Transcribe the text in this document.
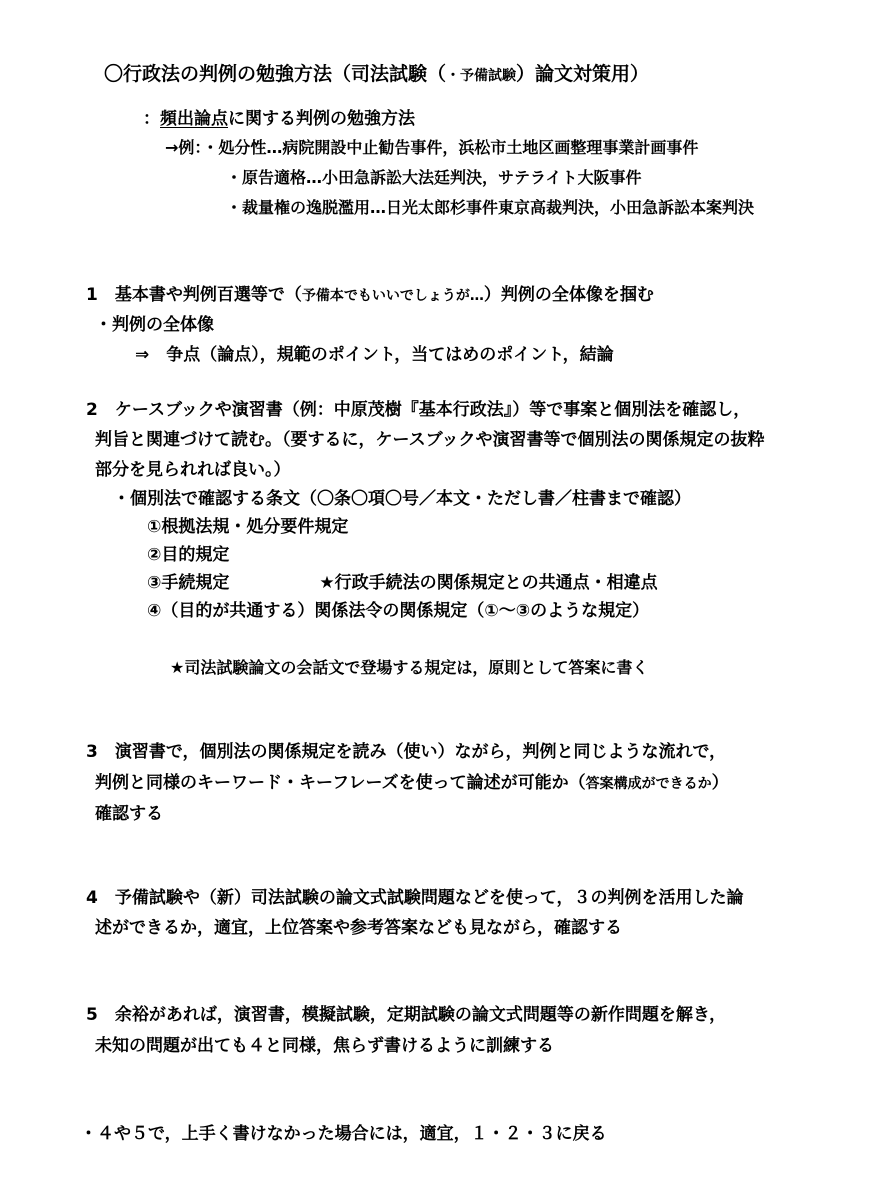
〇行政法の判例の勉強方法（司法試験（・予備試験）論文対策用）
：頻出論点に関する判例の勉強方法
→例：・処分性…病院開設中止勧告事件，浜松市土地区画整理事業計画事件
・原告適格…小田急訴訟大法廷判決，サテライト大阪事件
・裁量権の逸脱濫用…日光太郎杉事件東京高裁判決，小田急訴訟本案判決
1　基本書や判例百選等で（予備本でもいいでしょうが…）判例の全体像を掴む
・判例の全体像
⇒　争点（論点），規範のポイント，当てはめのポイント，結論
2　ケースブックや演習書（例：中原茂樹『基本行政法』）等で事案と個別法を確認し，
判旨と関連づけて読む。（要するに，ケースブックや演習書等で個別法の関係規定の抜粋
部分を見られれば良い。）
・個別法で確認する条文（〇条〇項〇号／本文・ただし書／柱書まで確認）
①根拠法規・処分要件規定
②目的規定
③手続規定	★行政手続法の関係規定との共通点・相違点
④（目的が共通する）関係法令の関係規定（①～③のような規定）
★司法試験論文の会話文で登場する規定は，原則として答案に書く
3　演習書で，個別法の関係規定を読み（使い）ながら，判例と同じような流れで，
判例と同様のキーワード・キーフレーズを使って論述が可能か（答案構成ができるか）
確認する
4　予備試験や（新）司法試験の論文式試験問題などを使って，３の判例を活用した論
述ができるか，適宜，上位答案や参考答案なども見ながら，確認する
5　余裕があれば，演習書，模擬試験，定期試験の論文式問題等の新作問題を解き，
未知の問題が出ても４と同様，焦らず書けるように訓練する
・４や５で，上手く書けなかった場合には，適宜，１・２・３に戻る
